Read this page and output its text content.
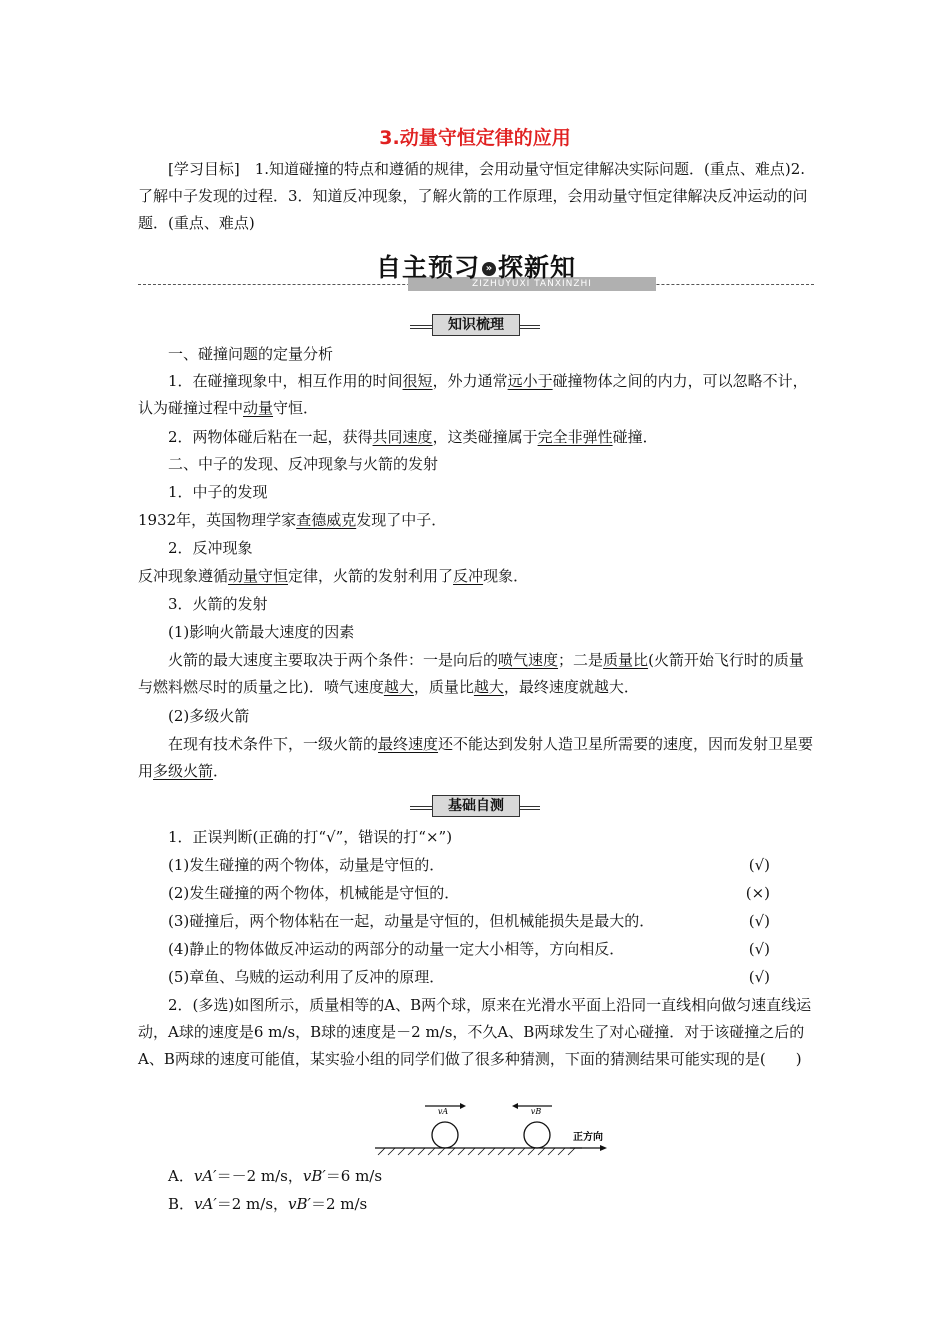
3.动量守恒定律的应用
[学习目标]　1.知道碰撞的特点和遵循的规律，会用动量守恒定律解决实际问题．(重点、难点)2.了解中子发现的过程．3．知道反冲现象，了解火箭的工作原理，会用动量守恒定律解决反冲运动的问题．(重点、难点)
ZIZHUYUXI TANXINZHI
自主预习 » 探新知
知识梳理
一、碰撞问题的定量分析
1．在碰撞现象中，相互作用的时间很短，外力通常远小于碰撞物体之间的内力，可以忽略不计，认为碰撞过程中动量守恒．
2．两物体碰后粘在一起，获得共同速度，这类碰撞属于完全非弹性碰撞．
二、中子的发现、反冲现象与火箭的发射
1．中子的发现
1932年，英国物理学家查德威克发现了中子．
2．反冲现象
反冲现象遵循动量守恒定律，火箭的发射利用了反冲现象．
3．火箭的发射
(1)影响火箭最大速度的因素
火箭的最大速度主要取决于两个条件：一是向后的喷气速度；二是质量比(火箭开始飞行时的质量与燃料燃尽时的质量之比)．喷气速度越大，质量比越大，最终速度就越大．
(2)多级火箭
在现有技术条件下，一级火箭的最终速度还不能达到发射人造卫星所需要的速度，因而发射卫星要用多级火箭．
基础自测
1．正误判断(正确的打“√”，错误的打“×”)
(1)发生碰撞的两个物体，动量是守恒的．	(√)
(2)发生碰撞的两个物体，机械能是守恒的．	(×)
(3)碰撞后，两个物体粘在一起，动量是守恒的，但机械能损失是最大的．	(√)
(4)静止的物体做反冲运动的两部分的动量一定大小相等，方向相反．	(√)
(5)章鱼、乌贼的运动利用了反冲的原理．	(√)
2．(多选)如图所示，质量相等的A、B两个球，原来在光滑水平面上沿同一直线相向做匀速直线运动，A球的速度是6 m/s，B球的速度是－2 m/s，不久A、B两球发生了对心碰撞．对于该碰撞之后的A、B两球的速度可能值，某实验小组的同学们做了很多种猜测，下面的猜测结果可能实现的是(　　)
vA	vB
正方向
A．vA′＝－2 m/s，vB′＝6 m/s
B．vA′＝2 m/s，vB′＝2 m/s
